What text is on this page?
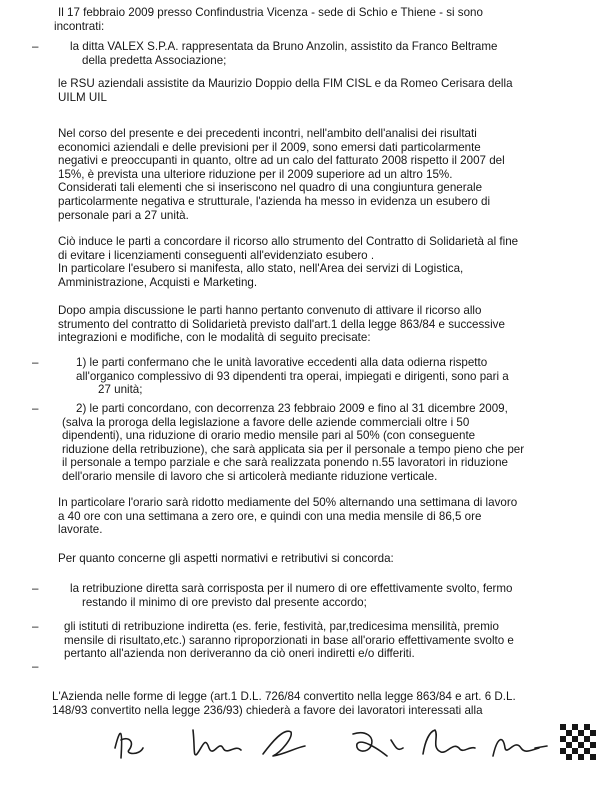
Il 17 febbraio 2009 presso Confindustria Vicenza - sede di Schio e Thiene - si sono
incontrati:
–	la ditta VALEX S.P.A. rappresentata da Bruno Anzolin, assistito da Franco Beltrame
della predetta Associazione;
le RSU aziendali assistite da Maurizio Doppio della FIM CISL e da Romeo Cerisara della
UILM UIL
Nel corso del presente e dei precedenti incontri, nell'ambito dell'analisi dei risultati
economici aziendali e delle previsioni per il 2009, sono emersi dati particolarmente
negativi e preoccupanti in quanto, oltre ad un calo del fatturato 2008 rispetto il 2007 del
15%, è prevista una ulteriore riduzione per il 2009 superiore ad un altro 15%.
Considerati tali elementi che si inseriscono nel quadro di una congiuntura generale
particolarmente negativa e strutturale, l'azienda ha messo in evidenza un esubero di
personale pari a 27 unità.
Ciò induce le parti a concordare il ricorso allo strumento del Contratto di Solidarietà al fine
di evitare i licenziamenti conseguenti all'evidenziato esubero .
In particolare l'esubero si manifesta, allo stato, nell'Area dei servizi di Logistica,
Amministrazione, Acquisti e Marketing.
Dopo ampia discussione le parti hanno pertanto convenuto di attivare il ricorso allo
strumento del contratto di Solidarietà previsto dall'art.1 della legge 863/84 e successive
integrazioni e modifiche, con le modalità di seguito precisate:
–	1) le parti confermano che le unità lavorative eccedenti alla data odierna rispetto
all'organico complessivo di 93 dipendenti tra operai, impiegati e dirigenti, sono pari a
27 unità;
–	2) le parti concordano, con decorrenza 23 febbraio 2009 e fino al 31 dicembre 2009,
(salva la proroga della legislazione a favore delle aziende commerciali oltre i 50
dipendenti), una riduzione di orario medio mensile pari al 50% (con conseguente
riduzione della retribuzione), che sarà applicata sia per il personale a tempo pieno che per
il personale a tempo parziale e che sarà realizzata ponendo n.55 lavoratori in riduzione
dell'orario mensile di lavoro che si articolerà mediante riduzione verticale.
In particolare l'orario sarà ridotto mediamente del 50% alternando una settimana di lavoro
a 40 ore con una settimana a zero ore, e quindi con una media mensile di 86,5 ore
lavorate.
Per quanto concerne gli aspetti normativi e retributivi si concorda:
–	la retribuzione diretta sarà corrisposta per il numero di ore effettivamente svolto, fermo
restando il minimo di ore previsto dal presente accordo;
– gli istituti di retribuzione indiretta (es. ferie, festività, par,tredicesima mensilità, premio
mensile di risultato,etc.) saranno riproporzionati in base all'orario effettivamente svolto e
pertanto all'azienda non deriveranno da ciò oneri indiretti e/o differiti.
–
L'Azienda nelle forme di legge (art.1 D.L. 726/84 convertito nella legge 863/84 e art. 6 D.L.
148/93 convertito nella legge 236/93) chiederà a favore dei lavoratori interessati alla
